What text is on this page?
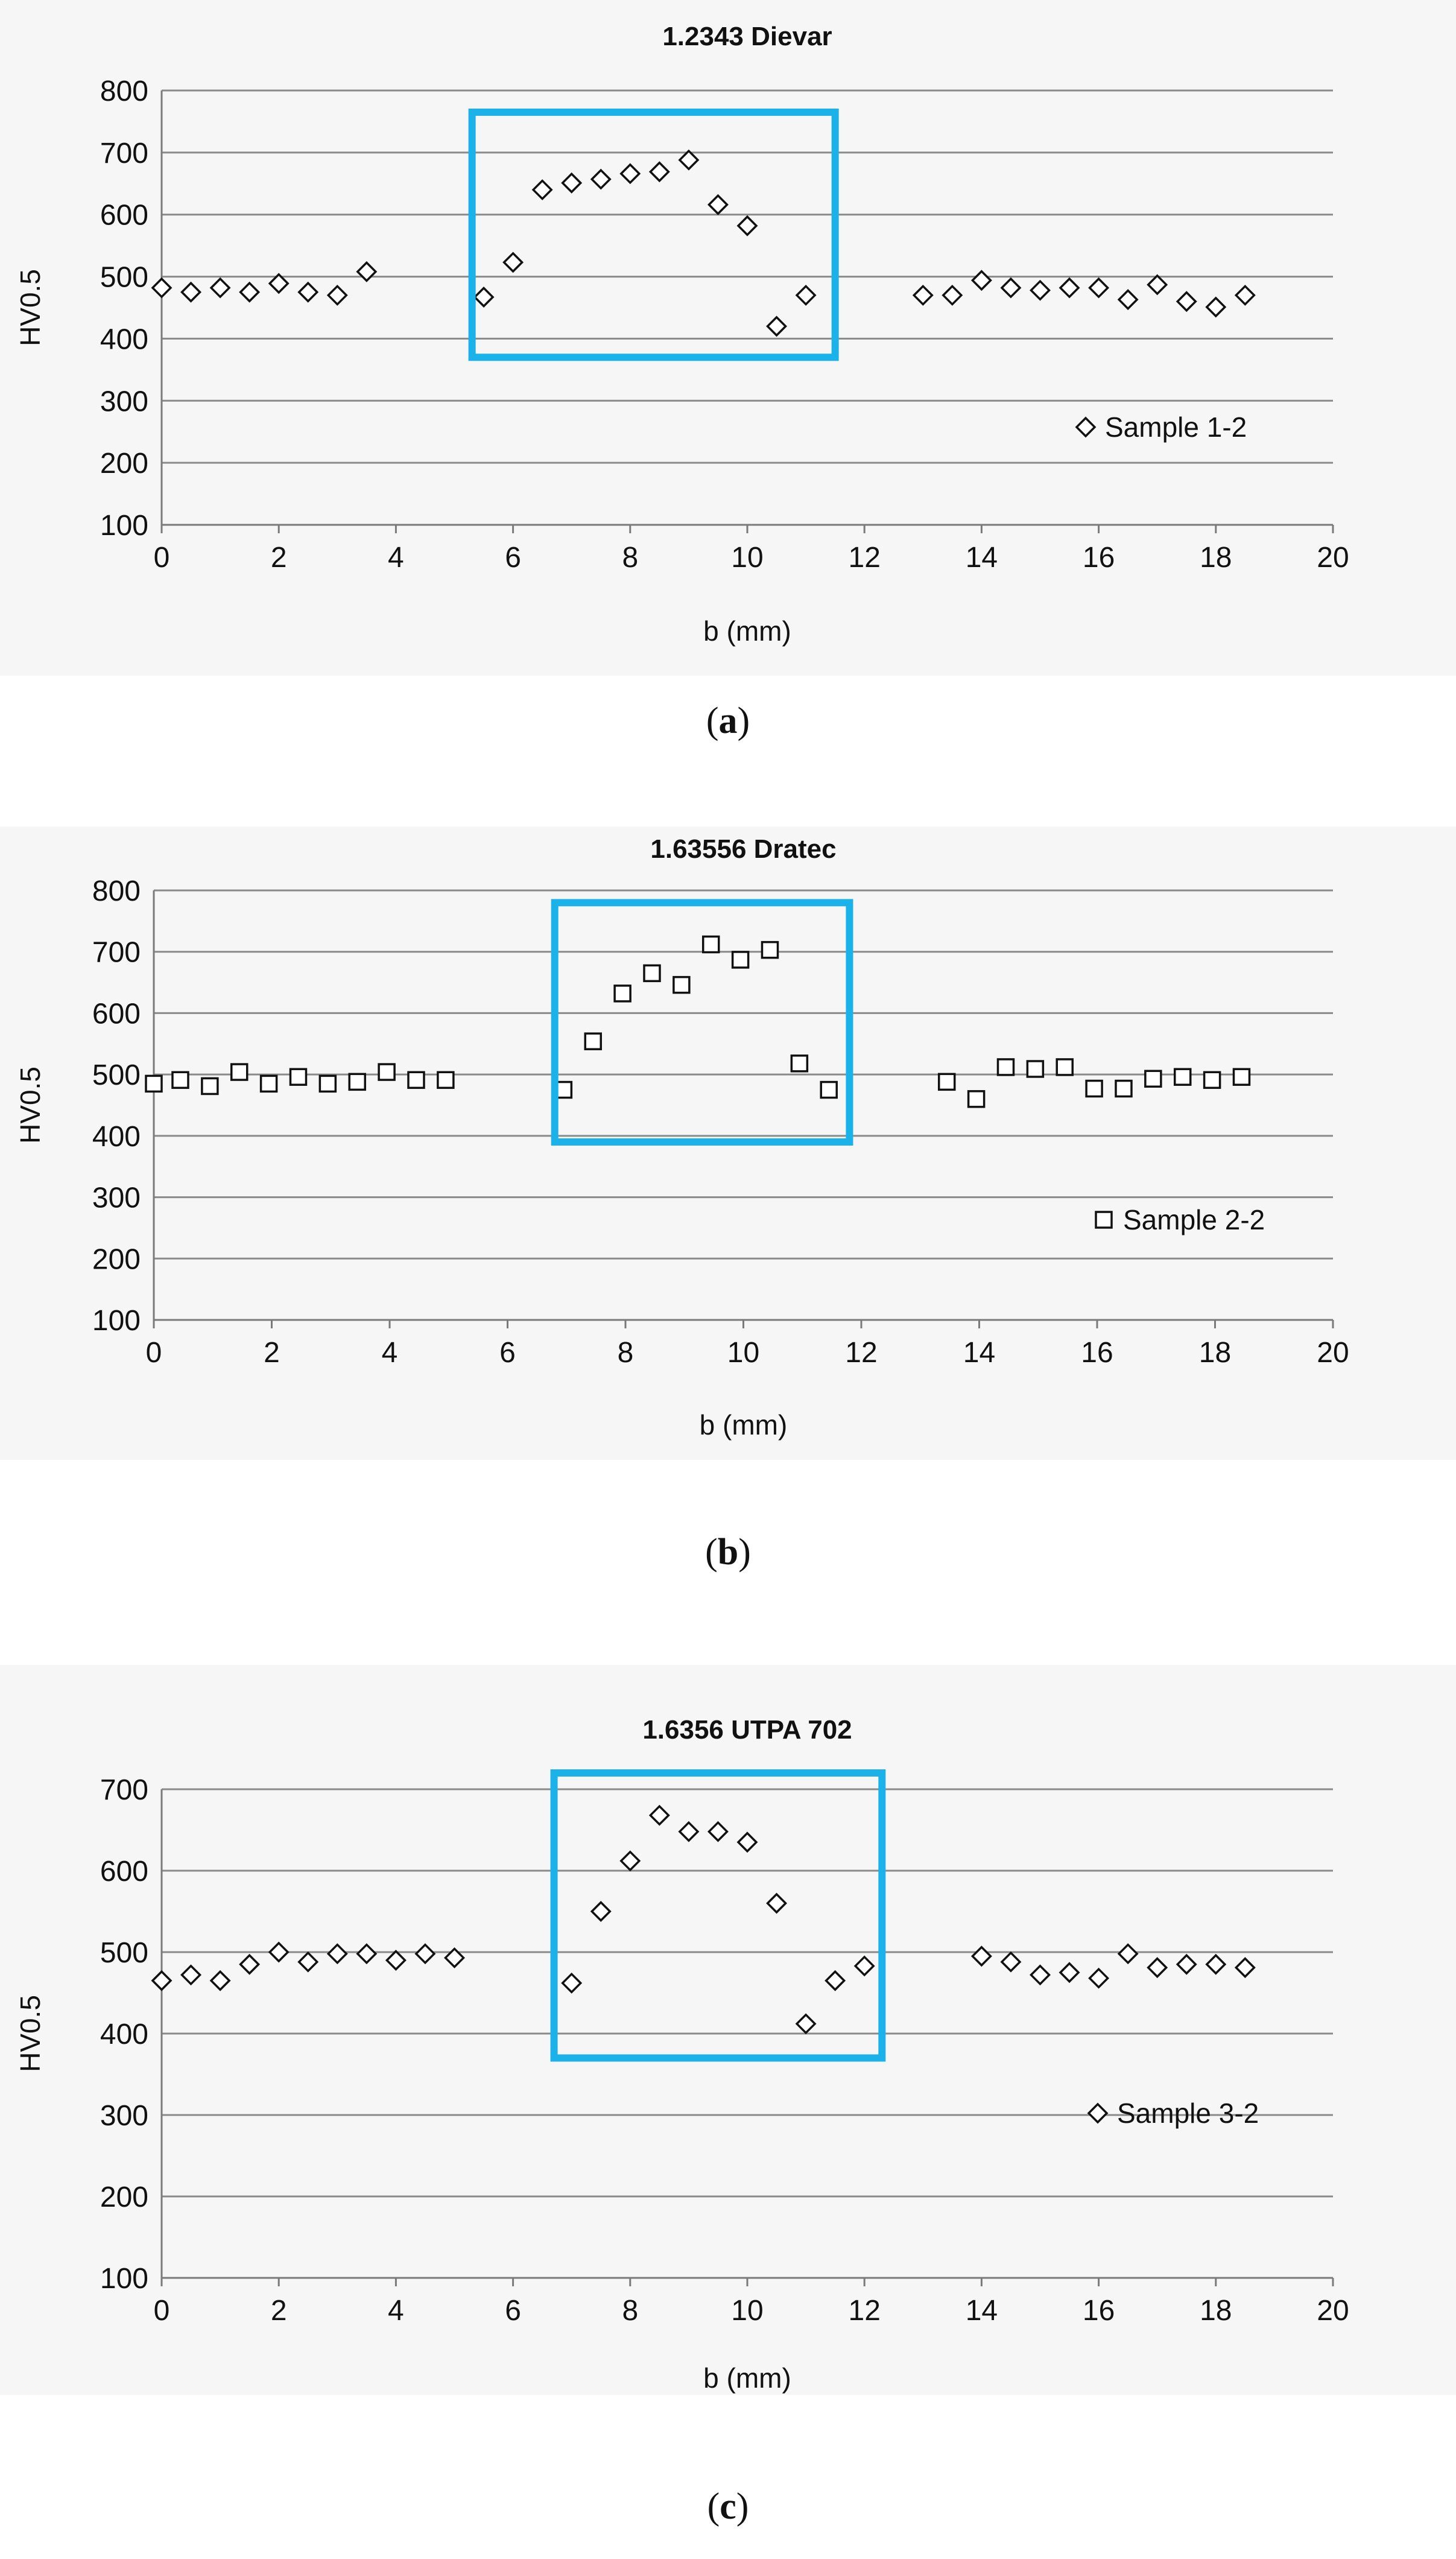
100
200
300
400
500
600
700
800
0	2	4	6	8	10	12	14	16	18	20
1.2343 Dievar
b (mm)
HV0.5
Sample 1-2
(a)
100
200
300
400
500
600
700
800
0	2	4	6	8	10	12	14	16	18	20
1.63556 Dratec
b (mm)
HV0.5
Sample 2-2
(b)
100
200
300
400
500
600
700
0	2	4	6	8	10	12	14	16	18	20
1.6356 UTPA 702
b (mm)
HV0.5
Sample 3-2
(c)
